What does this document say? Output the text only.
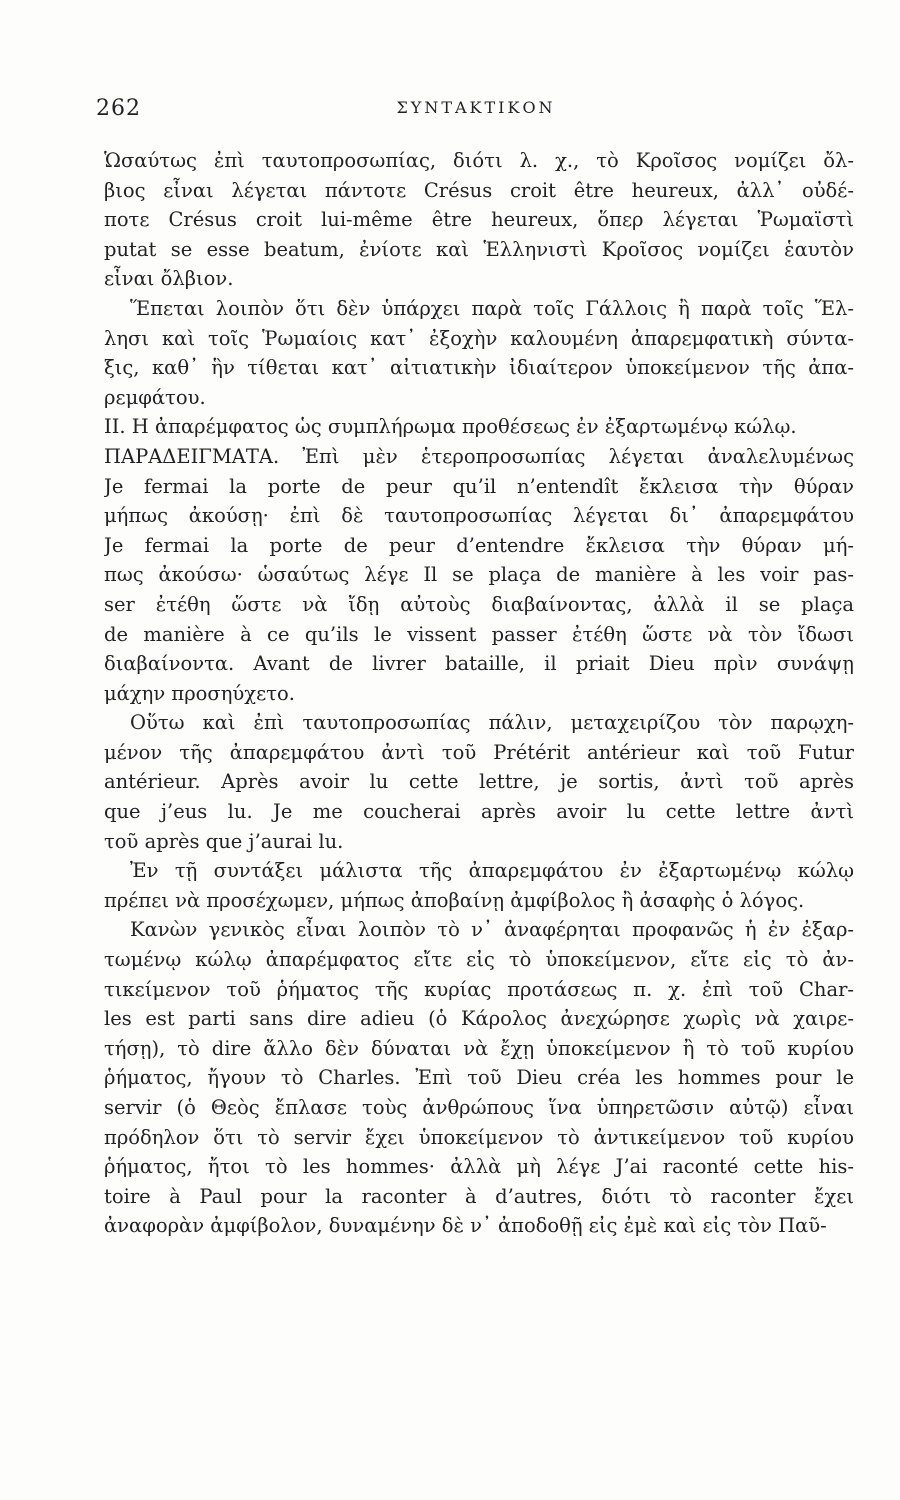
262	ΣΥΝΤΑΚΤΙΚΟΝ
Ὡσαύτως ἐπὶ ταυτοπροσωπίας, διότι λ. χ., τὸ Κροῖσος νομίζει ὄλ-
βιος εἶναι λέγεται πάντοτε Crésus croit être heureux, ἀλλ᾽ οὐδέ-
ποτε Crésus croit lui-même être heureux, ὅπερ λέγεται Ῥωμαϊστὶ
putat se esse beatum, ἐνίοτε καὶ Ἑλληνιστὶ Κροῖσος νομίζει ἑαυτὸν
εἶναι ὄλβιον.
Ἕπεται λοιπὸν ὅτι δὲν ὑπάρχει παρὰ τοῖς Γάλλοις ἢ παρὰ τοῖς Ἕλ-
λησι καὶ τοῖς Ῥωμαίοις κατ᾽ ἐξοχὴν καλουμένη ἀπαρεμφατικὴ σύντα-
ξις, καθ᾽ ἣν τίθεται κατ᾽ αἰτιατικὴν ἰδιαίτερον ὑποκείμενον τῆς ἀπα-
ρεμφάτου.
II. Η ἀπαρέμφατος ὡς συμπλήρωμα προθέσεως ἐν ἐξαρτωμένῳ κώλῳ.
ΠΑΡΑΔΕΙΓΜΑΤΑ. Ἐπὶ μὲν ἑτεροπροσωπίας λέγεται ἀναλελυμένως
Je fermai la porte de peur qu’il n’entendît ἔκλεισα τὴν θύραν
μήπως ἀκούσῃ· ἐπὶ δὲ ταυτοπροσωπίας λέγεται δι᾽ ἀπαρεμφάτου
Je fermai la porte de peur d’entendre ἔκλεισα τὴν θύραν μή-
πως ἀκούσω· ὡσαύτως λέγε Il se plaça de manière à les voir pas-
ser ἐτέθη ὥστε νὰ ἴδῃ αὐτοὺς διαβαίνοντας, ἀλλὰ il se plaça
de manière à ce qu’ils le vissent passer ἐτέθη ὥστε νὰ τὸν ἴδωσι
διαβαίνοντα. Avant de livrer bataille, il priait Dieu πρὶν συνάψῃ
μάχην προσηύχετο.
Οὕτω καὶ ἐπὶ ταυτοπροσωπίας πάλιν, μεταχειρίζου τὸν παρῳχη-
μένον τῆς ἀπαρεμφάτου ἀντὶ τοῦ Prétérit antérieur καὶ τοῦ Futur
antérieur. Après avoir lu cette lettre, je sortis, ἀντὶ τοῦ après
que j’eus lu. Je me coucherai après avoir lu cette lettre ἀντὶ
τοῦ après que j’aurai lu.
Ἐν τῇ συντάξει μάλιστα τῆς ἀπαρεμφάτου ἐν ἐξαρτωμένῳ κώλῳ
πρέπει νὰ προσέχωμεν, μήπως ἀποβαίνῃ ἀμφίβολος ἢ ἀσαφὴς ὁ λόγος.
Κανὼν γενικὸς εἶναι λοιπὸν τὸ ν᾽ ἀναφέρηται προφανῶς ἡ ἐν ἐξαρ-
τωμένῳ κώλῳ ἀπαρέμφατος εἴτε εἰς τὸ ὑποκείμενον, εἴτε εἰς τὸ ἀν-
τικείμενον τοῦ ῥήματος τῆς κυρίας προτάσεως π. χ. ἐπὶ τοῦ Char-
les est parti sans dire adieu (ὁ Κάρολος ἀνεχώρησε χωρὶς νὰ χαιρε-
τήσῃ), τὸ dire ἄλλο δὲν δύναται νὰ ἔχῃ ὑποκείμενον ἢ τὸ τοῦ κυρίου
ῥήματος, ἤγουν τὸ Charles. Ἐπὶ τοῦ Dieu créa les hommes pour le
servir (ὁ Θεὸς ἔπλασε τοὺς ἀνθρώπους ἵνα ὑπηρετῶσιν αὐτῷ) εἶναι
πρόδηλον ὅτι τὸ servir ἔχει ὑποκείμενον τὸ ἀντικείμενον τοῦ κυρίου
ῥήματος, ἤτοι τὸ les hommes· ἀλλὰ μὴ λέγε J’ai raconté cette his-
toire à Paul pour la raconter à d’autres, διότι τὸ raconter ἔχει
ἀναφορὰν ἀμφίβολον, δυναμένην δὲ ν᾽ ἀποδοθῇ εἰς ἐμὲ καὶ εἰς τὸν Παῦ-
